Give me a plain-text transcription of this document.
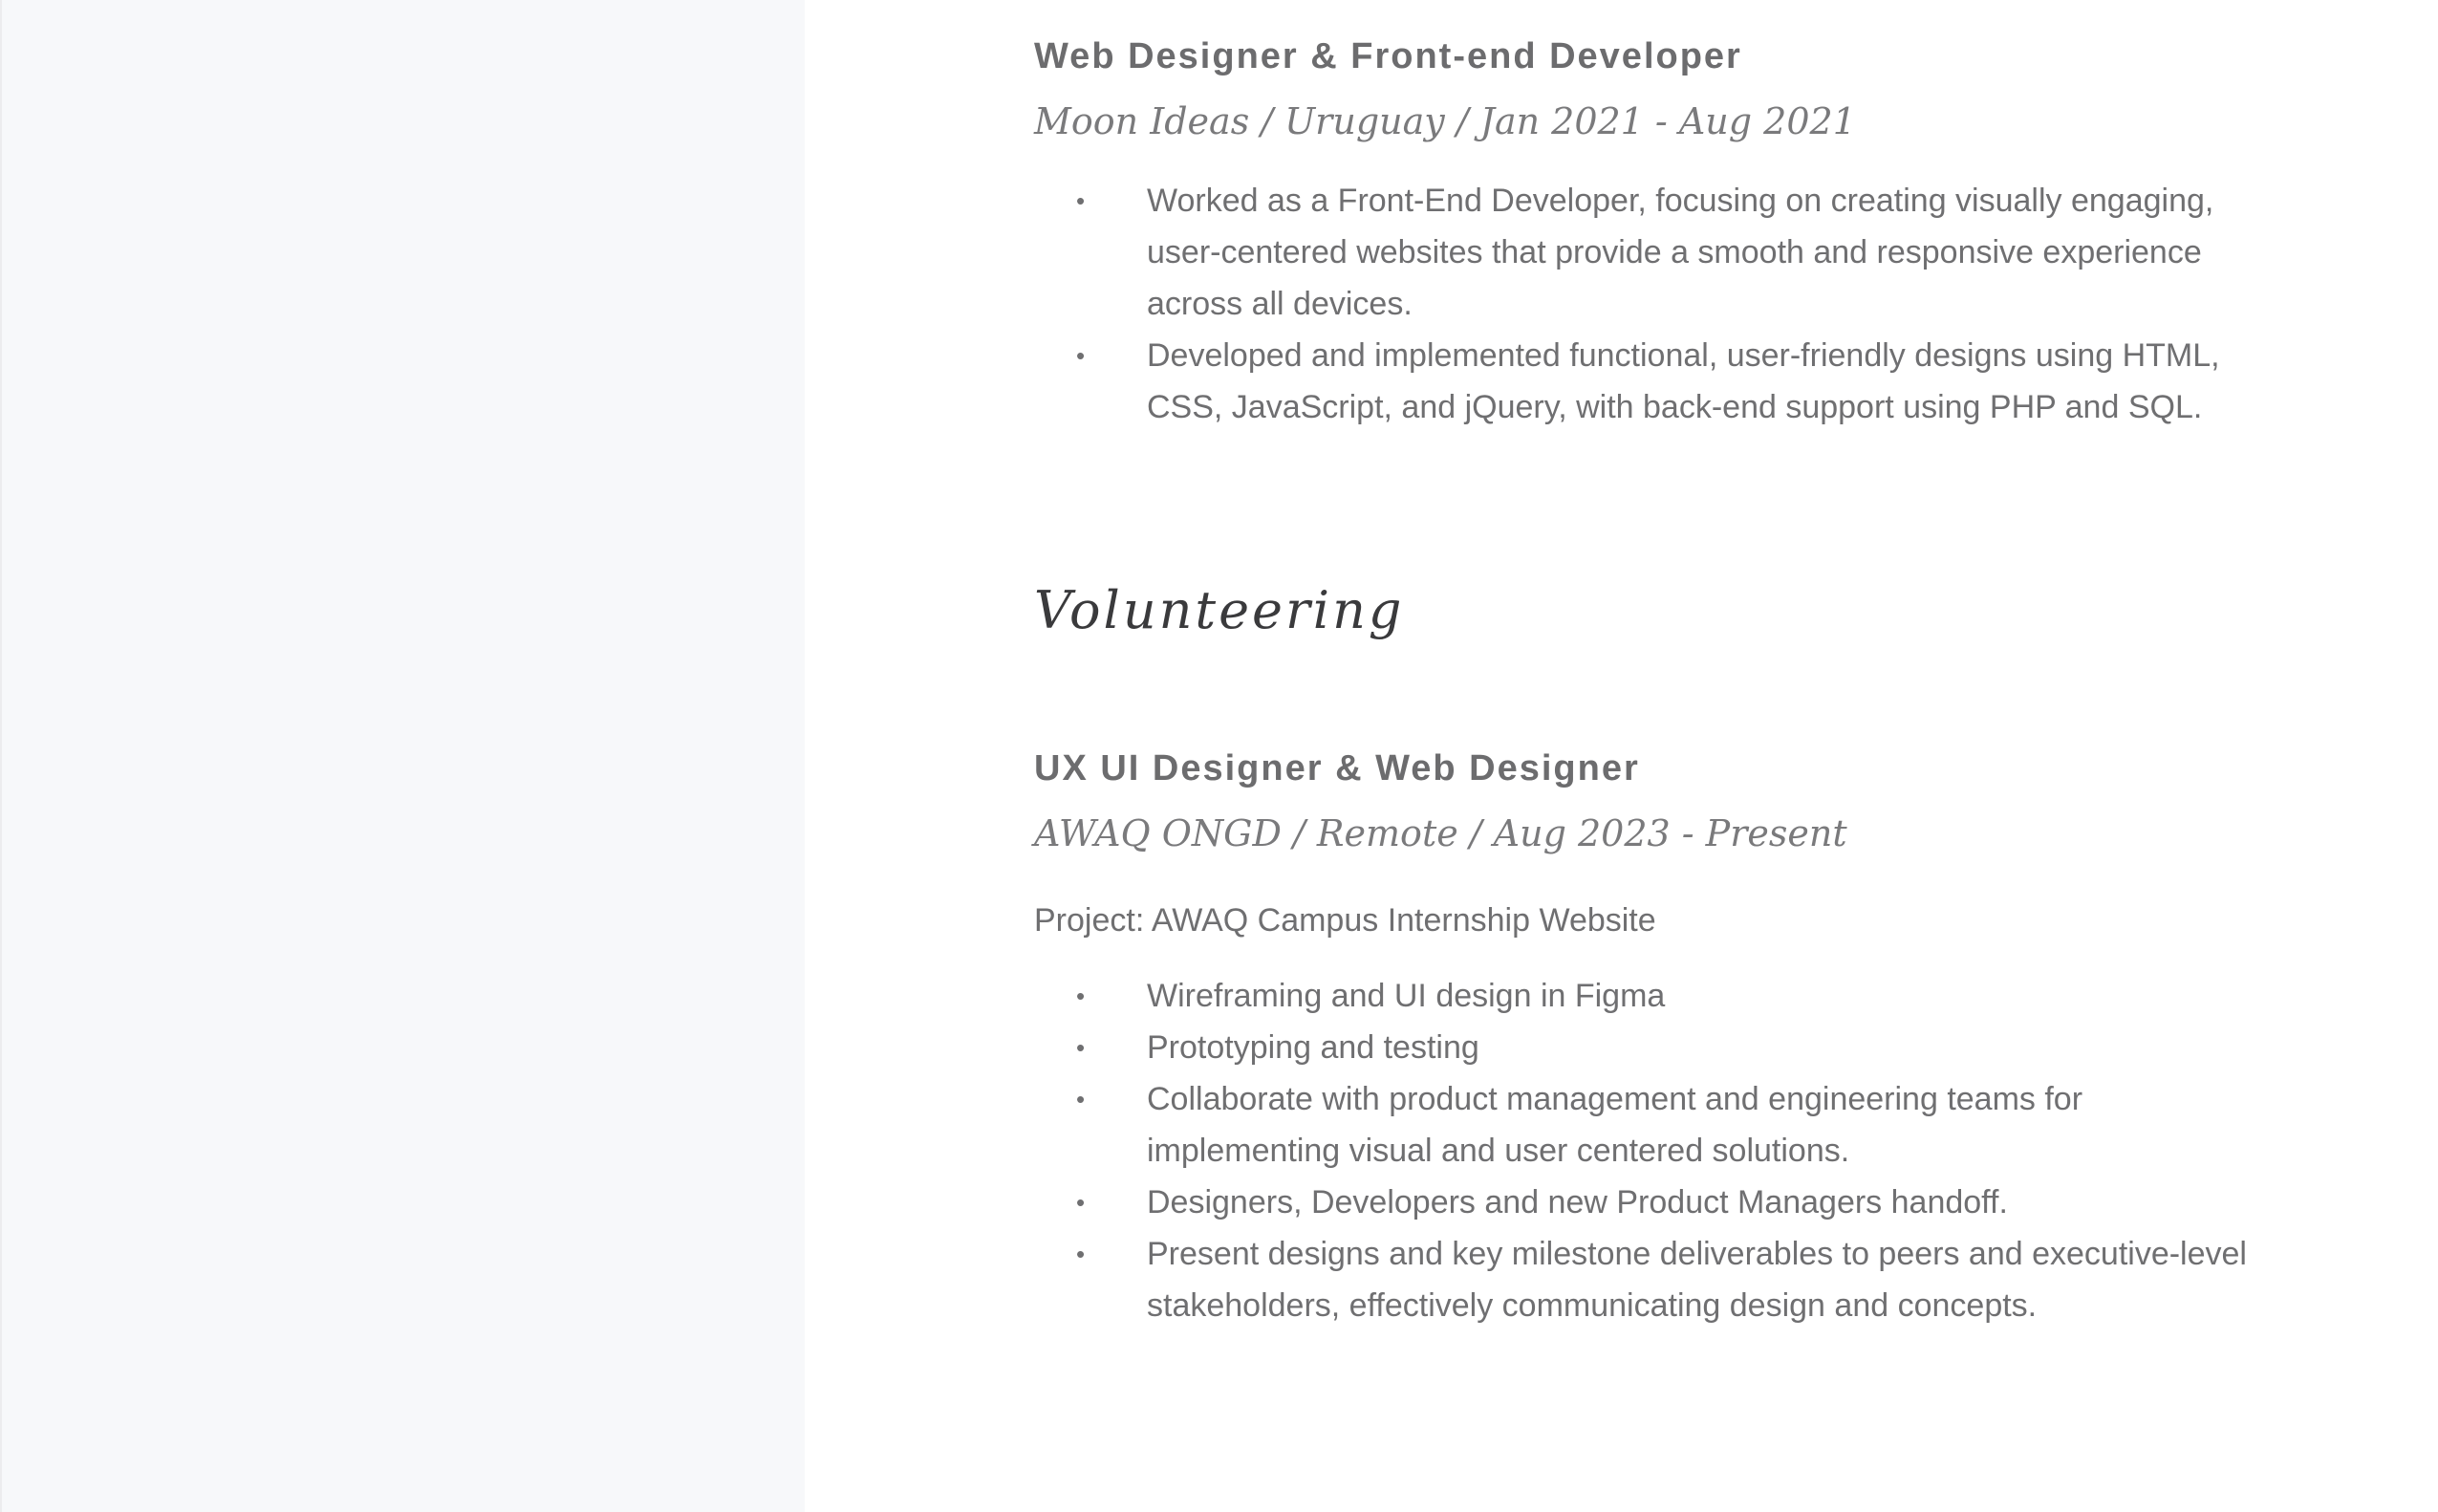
Web Designer & Front-end Developer

Moon Ideas / Uruguay / Jan 2021 - Aug 2021

• Worked as a Front-End Developer, focusing on creating visually engaging, user-centered websites that provide a smooth and responsive experience across all devices.
• Developed and implemented functional, user-friendly designs using HTML, CSS, JavaScript, and jQuery, with back-end support using PHP and SQL.
Volunteering
UX UI Designer & Web Designer

AWAQ ONGD / Remote / Aug 2023 - Present

Project: AWAQ Campus Internship Website

• Wireframing and UI design in Figma
• Prototyping and testing
• Collaborate with product management and engineering teams for implementing visual and user centered solutions.
• Designers, Developers and new Product Managers handoff.
• Present designs and key milestone deliverables to peers and executive-level stakeholders, effectively communicating design and concepts.
